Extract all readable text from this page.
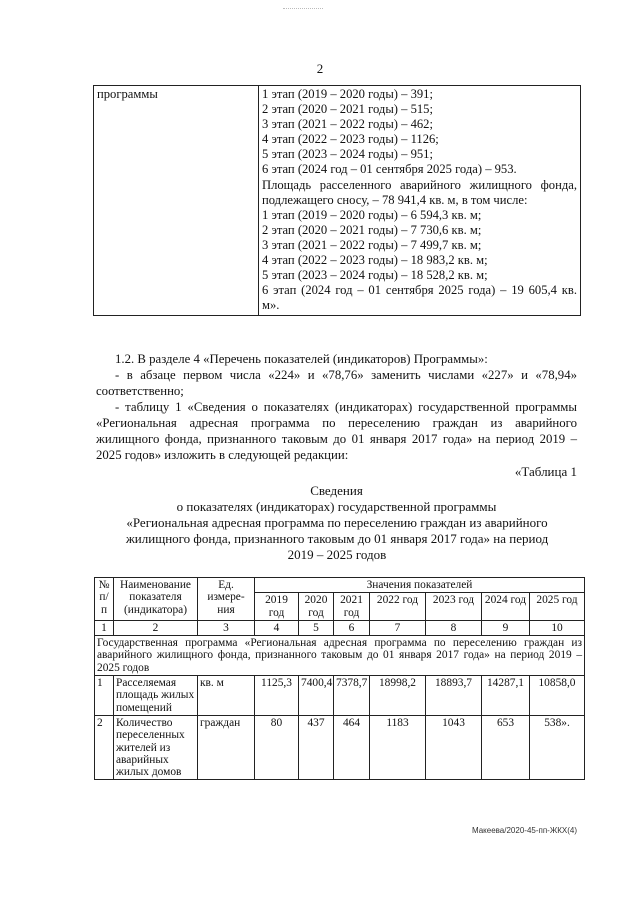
2
программы	1 этап (2019 – 2020 годы) – 391;
2 этап (2020 – 2021 годы) – 515;
3 этап (2021 – 2022 годы) – 462;
4 этап (2022 – 2023 годы) – 1126;
5 этап (2023 – 2024 годы) – 951;
6 этап (2024 год – 01 сентября 2025 года) – 953.
Площадь расселенного аварийного жилищного фонда, подлежащего сносу, – 78 941,4 кв. м, в том числе:
1 этап (2019 – 2020 годы) – 6 594,3 кв. м;
2 этап (2020 – 2021 годы) – 7 730,6 кв. м;
3 этап (2021 – 2022 годы) – 7 499,7 кв. м;
4 этап (2022 – 2023 годы) – 18 983,2 кв. м;
5 этап (2023 – 2024 годы) – 18 528,2 кв. м;
6 этап (2024 год – 01 сентября 2025 года) – 19 605,4 кв. м».
1.2. В разделе 4 «Перечень показателей (индикаторов) Программы»:
- в абзаце первом числа «224» и «78,76» заменить числами «227» и «78,94» соответственно;
- таблицу 1 «Сведения о показателях (индикаторах) государственной программы «Региональная адресная программа по переселению граждан из аварийного жилищного фонда, признанного таковым до 01 января 2017 года» на период 2019 – 2025 годов» изложить в следующей редакции:
«Таблица 1
Сведения
о показателях (индикаторах) государственной программы
«Региональная адресная программа по переселению граждан из аварийного жилищного фонда, признанного таковым до 01 января 2017 года» на период 2019 – 2025 годов
№ п/п	Наименование показателя (индикатора)	Ед. измере-ния	Значения показателей						
			2019 год	2020 год	2021 год	2022 год	2023 год	2024 год	2025 год
1	2	3	4	5	6	7	8	9	10
Государственная программа «Региональная адресная программа по переселению граждан из аварийного жилищного фонда, признанного таковым до 01 января 2017 года» на период 2019 – 2025 годов									
1	Расселяемая площадь жилых помещений	кв. м	1125,3	7400,4	7378,7	18998,2	18893,7	14287,1	10858,0
2	Количество переселенных жителей из аварийных жилых домов	граждан	80	437	464	1183	1043	653	538».
Макеева/2020-45-пп-ЖКХ(4)
